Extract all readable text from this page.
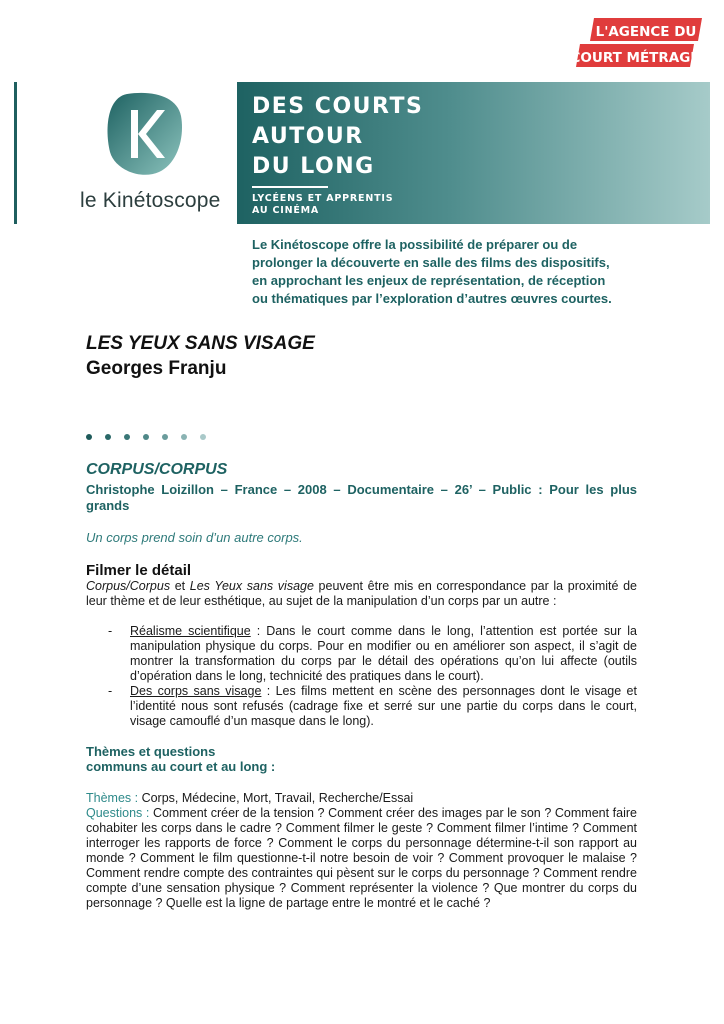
L'AGENCE DU
COURT MÉTRAGE
le Kinétoscope
DES COURTS
AUTOUR
DU LONG
LYCÉENS ET APPRENTIS
AU CINÉMA
Le Kinétoscope offre la possibilité de préparer ou de
prolonger la découverte en salle des films des dispositifs,
en approchant les enjeux de représentation, de réception
ou thématiques par l’exploration d’autres œuvres courtes.
LES YEUX SANS VISAGE
Georges Franju
CORPUS/CORPUS
Christophe Loizillon – France – 2008 – Documentaire – 26’ – Public : Pour les plus grands
Un corps prend soin d’un autre corps.
Filmer le détail
Corpus/Corpus et Les Yeux sans visage peuvent être mis en correspondance par la proximité de leur thème et de leur esthétique, au sujet de la manipulation d’un corps par un autre :
- Réalisme scientifique : Dans le court comme dans le long, l’attention est portée sur la manipulation physique du corps. Pour en modifier ou en améliorer son aspect, il s’agit de montrer la transformation du corps par le détail des opérations qu’on lui affecte (outils d’opération dans le long, technicité des pratiques dans le court).
- Des corps sans visage : Les films mettent en scène des personnages dont le visage et l’identité nous sont refusés (cadrage fixe et serré sur une partie du corps dans le court, visage camouflé d’un masque dans le long).
Thèmes et questions
communs au court et au long :
Thèmes : Corps, Médecine, Mort, Travail, Recherche/Essai
Questions : Comment créer de la tension ? Comment créer des images par le son ? Comment faire cohabiter les corps dans le cadre ? Comment filmer le geste ? Comment filmer l’intime ? Comment interroger les rapports de force ? Comment le corps du personnage détermine-t-il son rapport au monde ? Comment le film questionne-t-il notre besoin de voir ? Comment provoquer le malaise ? Comment rendre compte des contraintes qui pèsent sur le corps du personnage ? Comment rendre compte d’une sensation physique ? Comment représenter la violence ? Que montrer du corps du personnage ? Quelle est la ligne de partage entre le montré et le caché ?
